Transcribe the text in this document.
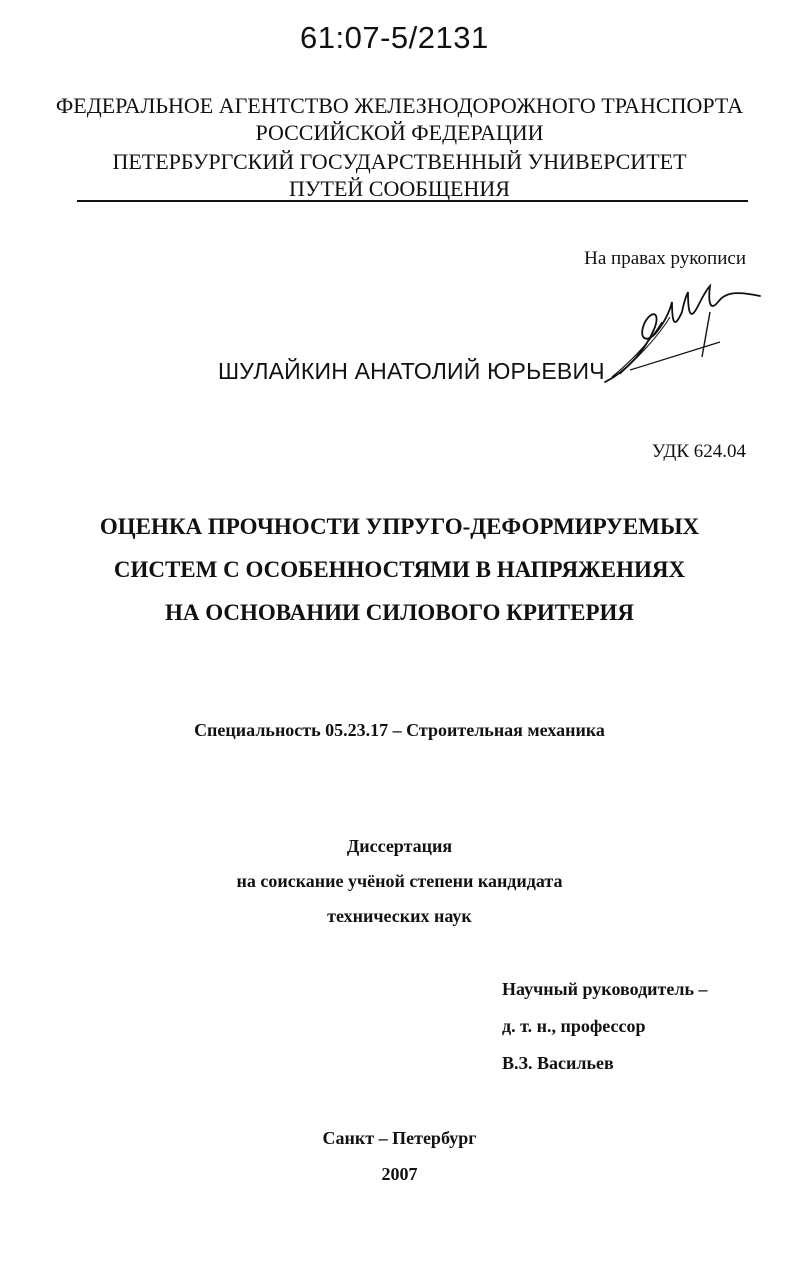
61:07-5/2131
ФЕДЕРАЛЬНОЕ АГЕНТСТВО ЖЕЛЕЗНОДОРОЖНОГО ТРАНСПОРТА
РОССИЙСКОЙ ФЕДЕРАЦИИ
ПЕТЕРБУРГСКИЙ ГОСУДАРСТВЕННЫЙ УНИВЕРСИТЕТ
ПУТЕЙ СООБЩЕНИЯ
На правах рукописи
ШУЛАЙКИН АНАТОЛИЙ ЮРЬЕВИЧ
УДК 624.04
ОЦЕНКА ПРОЧНОСТИ УПРУГО-ДЕФОРМИРУЕМЫХ
СИСТЕМ С ОСОБЕННОСТЯМИ В НАПРЯЖЕНИЯХ
НА ОСНОВАНИИ СИЛОВОГО КРИТЕРИЯ
Специальность 05.23.17 – Строительная механика
Диссертация
на соискание учёной степени кандидата
технических наук
Научный руководитель –
д. т. н., профессор
В.З. Васильев
Санкт – Петербург
2007
